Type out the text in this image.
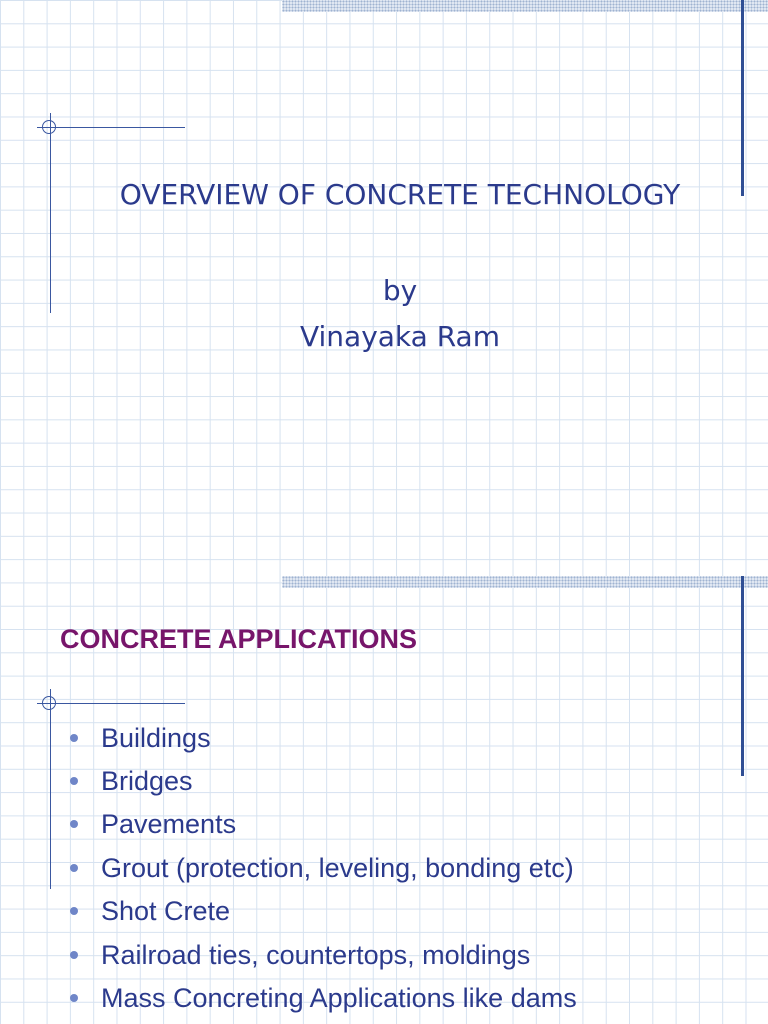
OVERVIEW OF CONCRETE TECHNOLOGY
by
Vinayaka Ram
CONCRETE APPLICATIONS
Buildings
Bridges
Pavements
Grout (protection, leveling, bonding etc)
Shot Crete
Railroad ties, countertops, moldings
Mass Concreting Applications like dams
